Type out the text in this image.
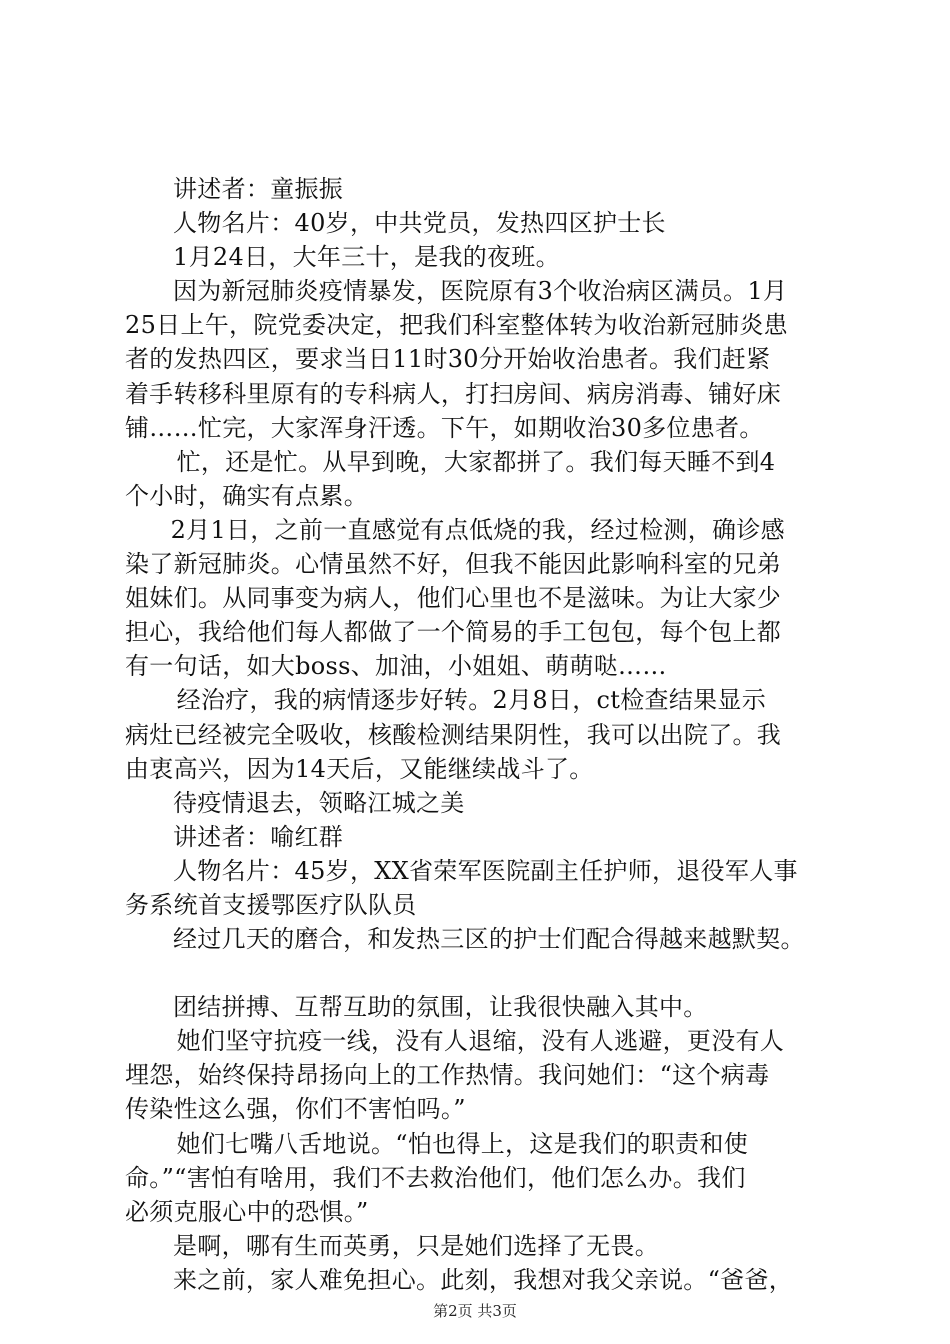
讲述者：童振振

人物名片：40岁，中共党员，发热四区护士长

1月24日，大年三十，是我的夜班。

因为新冠肺炎疫情暴发，医院原有3个收治病区满员。1月

25日上午，院党委决定，把我们科室整体转为收治新冠肺炎患

者的发热四区，要求当日11时30分开始收治患者。我们赶紧

着手转移科里原有的专科病人，打扫房间、病房消毒、铺好床

铺……忙完，大家浑身汗透。下午，如期收治30多位患者。

忙，还是忙。从早到晚，大家都拼了。我们每天睡不到4

个小时，确实有点累。

2月1日，之前一直感觉有点低烧的我，经过检测，确诊感

染了新冠肺炎。心情虽然不好，但我不能因此影响科室的兄弟

姐妹们。从同事变为病人，他们心里也不是滋味。为让大家少

担心，我给他们每人都做了一个简易的手工包包，每个包上都

有一句话，如大boss、加油，小姐姐、萌萌哒……

经治疗，我的病情逐步好转。2月8日，ct检查结果显示

病灶已经被完全吸收，核酸检测结果阴性，我可以出院了。我

由衷高兴，因为14天后，又能继续战斗了。

待疫情退去，领略江城之美

讲述者：喻红群

人物名片：45岁，XX省荣军医院副主任护师，退役军人事

务系统首支援鄂医疗队队员

经过几天的磨合，和发热三区的护士们配合得越来越默契。

团结拼搏、互帮互助的氛围，让我很快融入其中。

她们坚守抗疫一线，没有人退缩，没有人逃避，更没有人

埋怨，始终保持昂扬向上的工作热情。我问她们：“这个病毒

传染性这么强，你们不害怕吗。”

她们七嘴八舌地说。“怕也得上，这是我们的职责和使

命。”“害怕有啥用，我们不去救治他们，他们怎么办。我们

必须克服心中的恐惧。”

是啊，哪有生而英勇，只是她们选择了无畏。

来之前，家人难免担心。此刻，我想对我父亲说。“爸爸，

第2页 共3页
